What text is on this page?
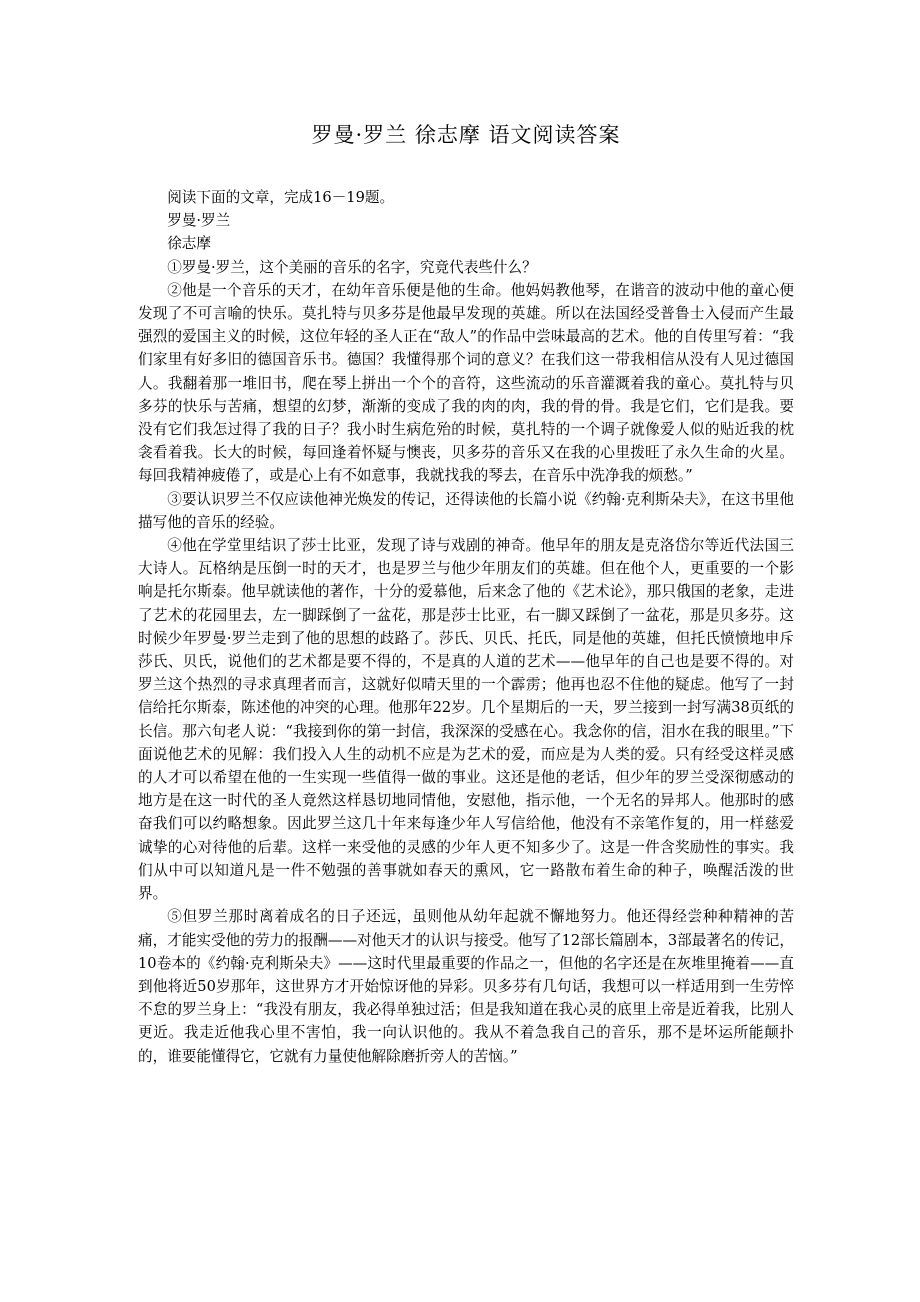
罗曼·罗兰 徐志摩 语文阅读答案

阅读下面的文章，完成16－19题。

罗曼·罗兰

徐志摩

①罗曼·罗兰，这个美丽的音乐的名字，究竟代表些什么？

②他是一个音乐的天才，在幼年音乐便是他的生命。他妈妈教他琴，在谐音的波动中他的童心便发现了不可言喻的快乐。莫扎特与贝多芬是他最早发现的英雄。所以在法国经受普鲁士入侵而产生最强烈的爱国主义的时候，这位年轻的圣人正在“敌人”的作品中尝味最高的艺术。他的自传里写着：“我们家里有好多旧的德国音乐书。德国？我懂得那个词的意义？在我们这一带我相信从没有人见过德国人。我翻着那一堆旧书，爬在琴上拼出一个个的音符，这些流动的乐音灌溉着我的童心。莫扎特与贝多芬的快乐与苦痛，想望的幻梦，渐渐的变成了我的肉的肉，我的骨的骨。我是它们，它们是我。要没有它们我怎过得了我的日子？我小时生病危殆的时候，莫扎特的一个调子就像爱人似的贴近我的枕衾看着我。长大的时候，每回逢着怀疑与懊丧，贝多芬的音乐又在我的心里拨旺了永久生命的火星。每回我精神疲倦了，或是心上有不如意事，我就找我的琴去，在音乐中洗净我的烦愁。”

③要认识罗兰不仅应读他神光焕发的传记，还得读他的长篇小说《约翰·克利斯朵夫》，在这书里他描写他的音乐的经验。

④他在学堂里结识了莎士比亚，发现了诗与戏剧的神奇。他早年的朋友是克洛岱尔等近代法国三大诗人。瓦格纳是压倒一时的天才，也是罗兰与他少年朋友们的英雄。但在他个人，更重要的一个影响是托尔斯泰。他早就读他的著作，十分的爱慕他，后来念了他的《艺术论》，那只俄国的老象，走进了艺术的花园里去，左一脚踩倒了一盆花，那是莎士比亚，右一脚又踩倒了一盆花，那是贝多芬。这时候少年罗曼·罗兰走到了他的思想的歧路了。莎氏、贝氏、托氏，同是他的英雄，但托氏愤愤地申斥莎氏、贝氏，说他们的艺术都是要不得的，不是真的人道的艺术——他早年的自己也是要不得的。对罗兰这个热烈的寻求真理者而言，这就好似晴天里的一个霹雳；他再也忍不住他的疑虑。他写了一封信给托尔斯泰，陈述他的冲突的心理。他那年22岁。几个星期后的一天，罗兰接到一封写满38页纸的长信。那六旬老人说：“我接到你的第一封信，我深深的受感在心。我念你的信，泪水在我的眼里。”下面说他艺术的见解：我们投入人生的动机不应是为艺术的爱，而应是为人类的爱。只有经受这样灵感的人才可以希望在他的一生实现一些值得一做的事业。这还是他的老话，但少年的罗兰受深彻感动的地方是在这一时代的圣人竟然这样恳切地同情他，安慰他，指示他，一个无名的异邦人。他那时的感奋我们可以约略想象。因此罗兰这几十年来每逢少年人写信给他，他没有不亲笔作复的，用一样慈爱诚挚的心对待他的后辈。这样一来受他的灵感的少年人更不知多少了。这是一件含奖励性的事实。我们从中可以知道凡是一件不勉强的善事就如春天的熏风，它一路散布着生命的种子，唤醒活泼的世界。

⑤但罗兰那时离着成名的日子还远，虽则他从幼年起就不懈地努力。他还得经尝种种精神的苦痛，才能实受他的劳力的报酬——对他天才的认识与接受。他写了12部长篇剧本，3部最著名的传记，10卷本的《约翰·克利斯朵夫》——这时代里最重要的作品之一，但他的名字还是在灰堆里掩着——直到他将近50岁那年，这世界方才开始惊讶他的异彩。贝多芬有几句话，我想可以一样适用到一生劳悴不怠的罗兰身上：“我没有朋友，我必得单独过活；但是我知道在我心灵的底里上帝是近着我，比别人更近。我走近他我心里不害怕，我一向认识他的。我从不着急我自己的音乐，那不是坏运所能颠扑的，谁要能懂得它，它就有力量使他解除磨折旁人的苦恼。”
